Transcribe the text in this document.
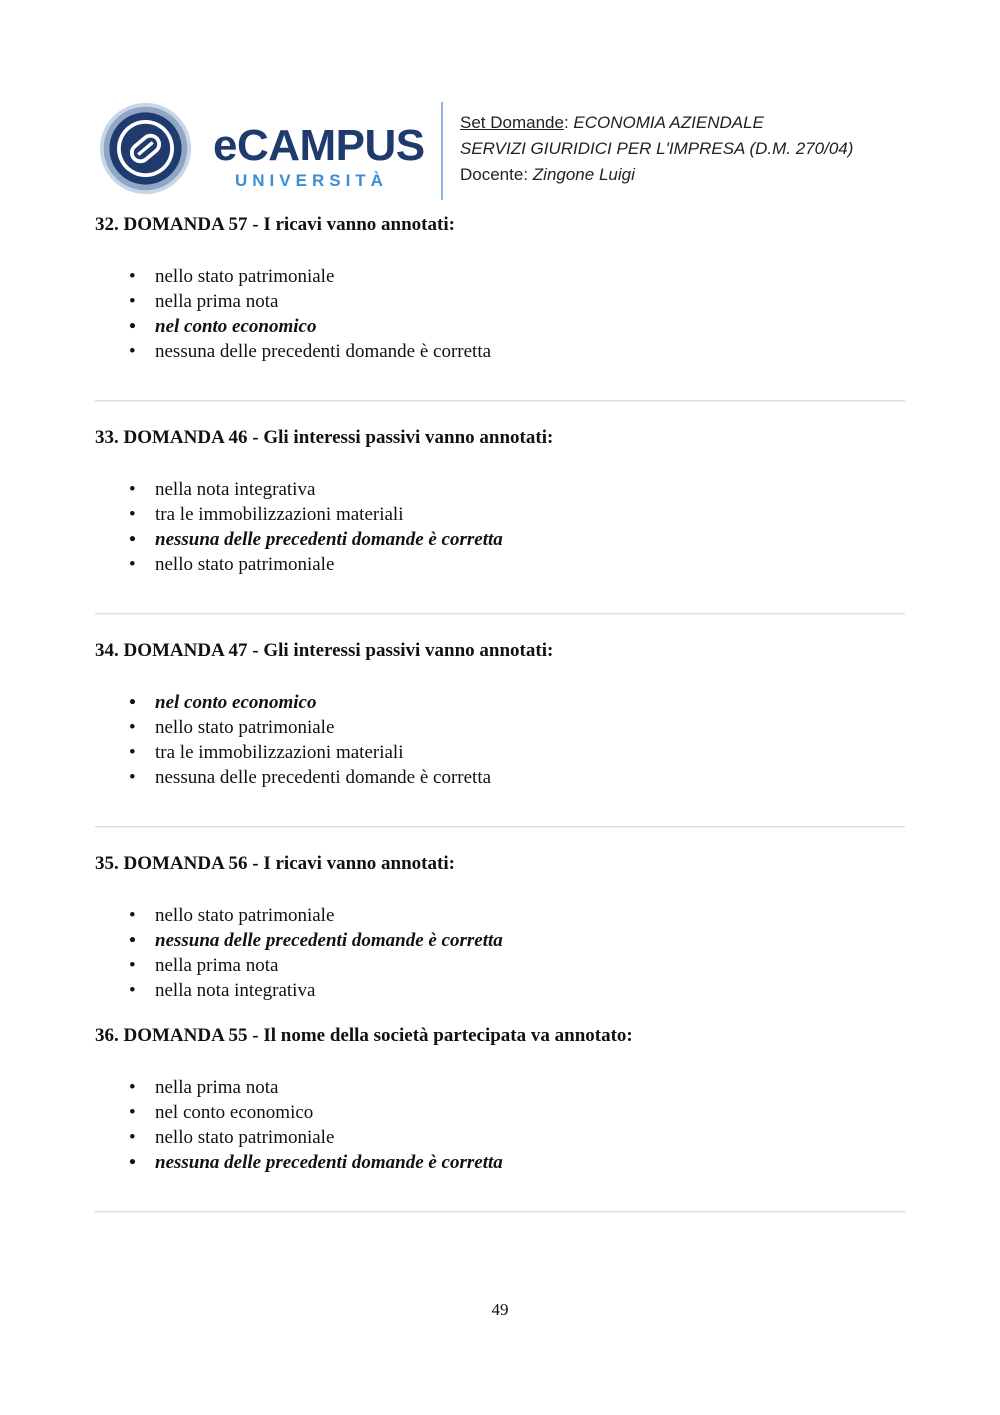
eCAMPUS
UNIVERSITÀ
Set Domande: ECONOMIA AZIENDALE
SERVIZI GIURIDICI PER L'IMPRESA (D.M. 270/04)
Docente: Zingone Luigi

32. DOMANDA 57 - I ricavi vanno annotati:

• nello stato patrimoniale
• nella prima nota
• nel conto economico
• nessuna delle precedenti domande è corretta

33. DOMANDA 46 - Gli interessi passivi vanno annotati:

• nella nota integrativa
• tra le immobilizzazioni materiali
• nessuna delle precedenti domande è corretta
• nello stato patrimoniale

34. DOMANDA 47 - Gli interessi passivi vanno annotati:

• nel conto economico
• nello stato patrimoniale
• tra le immobilizzazioni materiali
• nessuna delle precedenti domande è corretta

35. DOMANDA 56 - I ricavi vanno annotati:

• nello stato patrimoniale
• nessuna delle precedenti domande è corretta
• nella prima nota
• nella nota integrativa

36. DOMANDA 55 - Il nome della società partecipata va annotato:

• nella prima nota
• nel conto economico
• nello stato patrimoniale
• nessuna delle precedenti domande è corretta
49
